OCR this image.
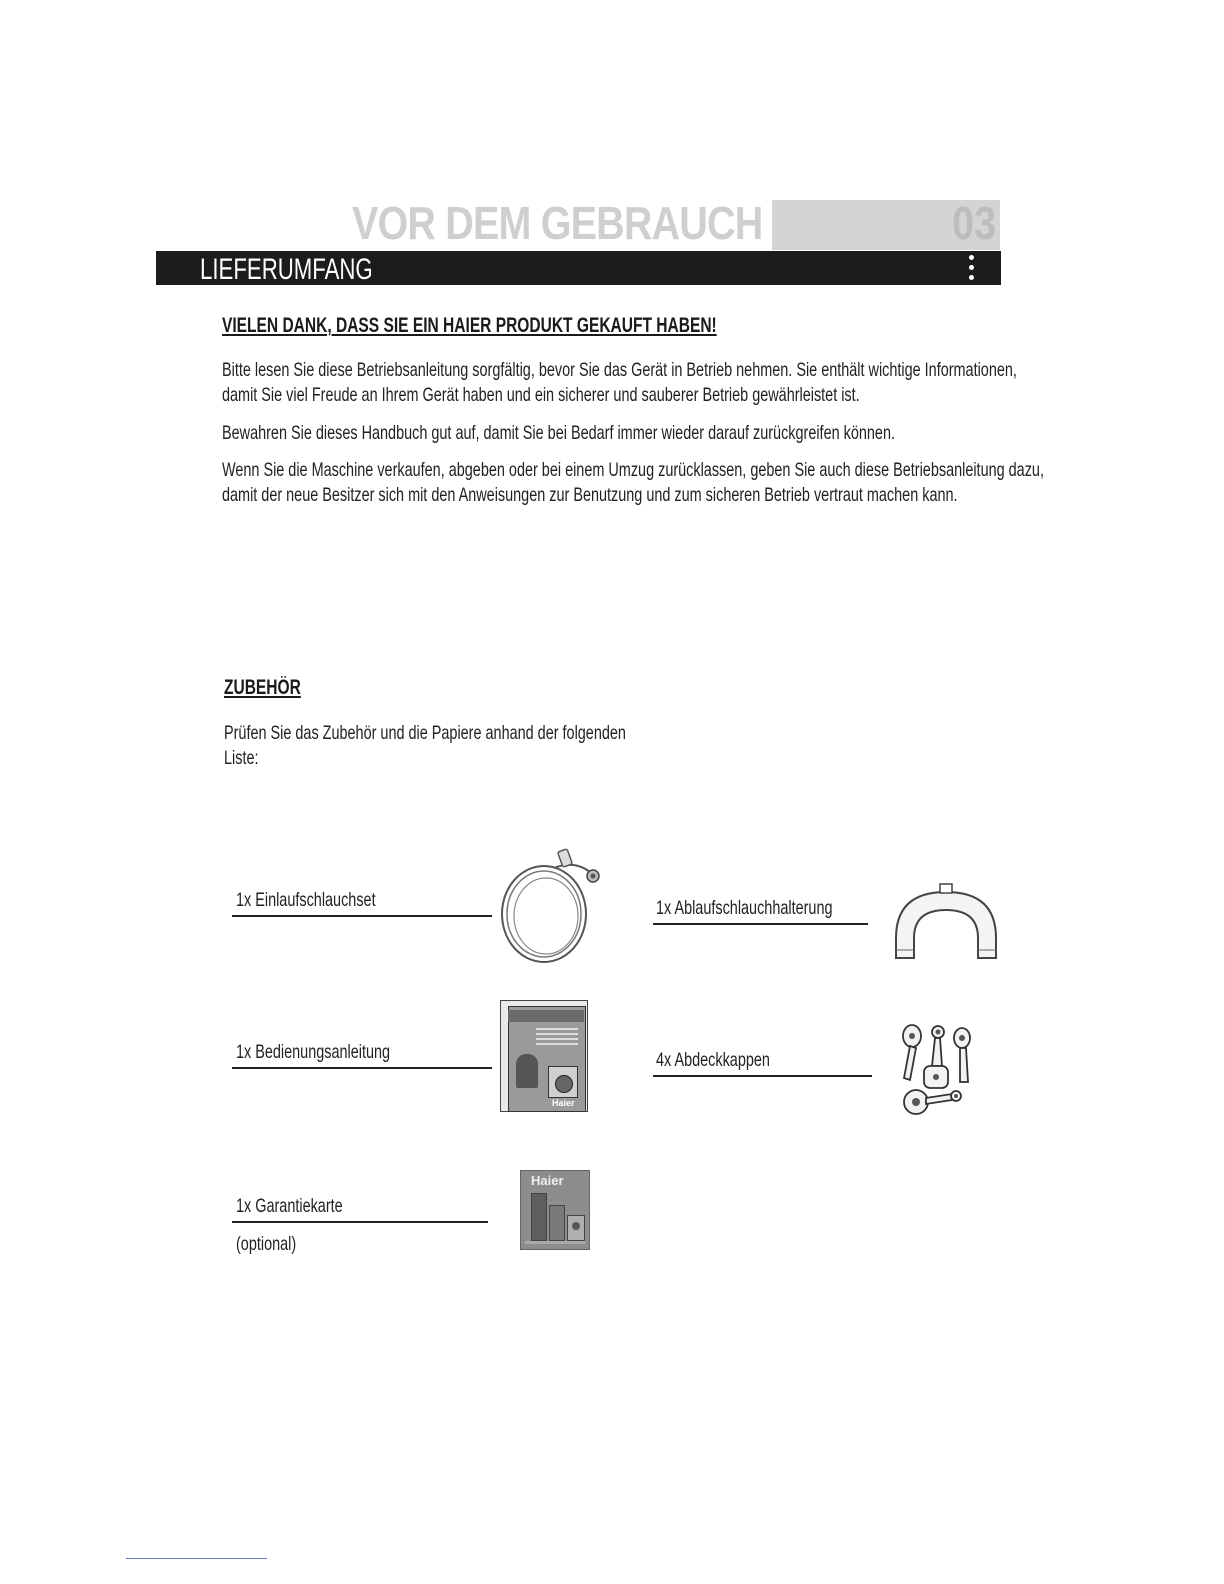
03
VOR DEM GEBRAUCH
LIEFERUMFANG
VIELEN DANK, DASS SIE EIN HAIER PRODUKT GEKAUFT HABEN!
Bitte lesen Sie diese Betriebsanleitung sorgfältig, bevor Sie das Gerät in Betrieb nehmen. Sie enthält wichtige Informationen,
damit Sie viel Freude an Ihrem Gerät haben und ein sicherer und sauberer Betrieb gewährleistet ist.
Bewahren Sie dieses Handbuch gut auf, damit Sie bei Bedarf immer wieder darauf zurückgreifen können.
Wenn Sie die Maschine verkaufen, abgeben oder bei einem Umzug zurücklassen, geben Sie auch diese Betriebsanleitung dazu,
damit der neue Besitzer sich mit den Anweisungen zur Benutzung und zum sicheren Betrieb vertraut machen kann.
ZUBEHÖR
Prüfen Sie das Zubehör und die Papiere anhand der folgenden
Liste:
1x Einlaufschlauchset	1x Ablaufschlauchhalterung
1x Bedienungsanleitung
Haier
4x Abdeckkappen
1x Garantiekarte
(optional)
Haier
